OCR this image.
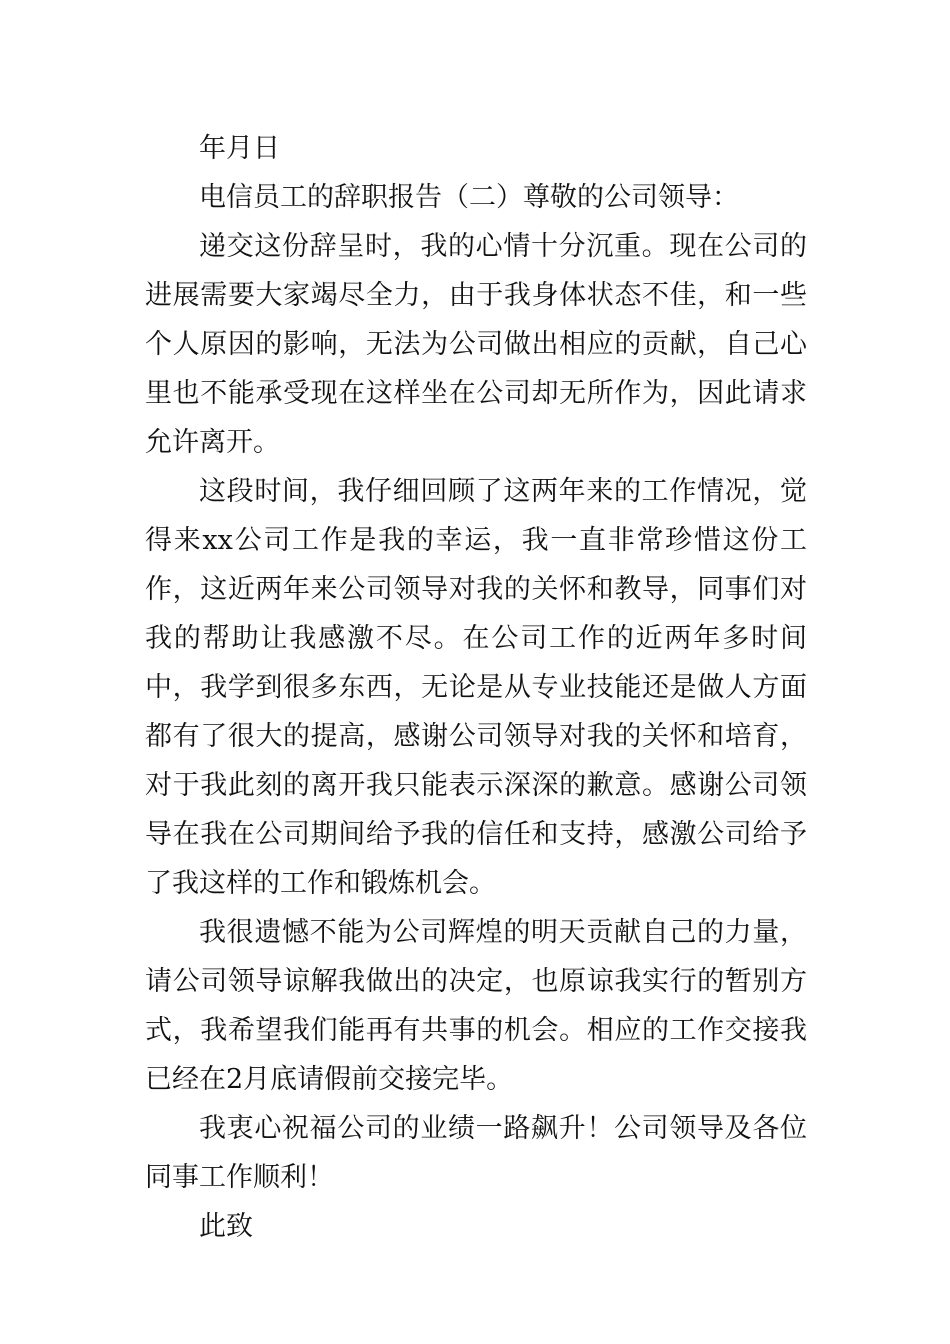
年月日

电信员工的辞职报告（二）尊敬的公司领导：

递交这份辞呈时，我的心情十分沉重。现在公司的进展需要大家竭尽全力，由于我身体状态不佳，和一些个人原因的影响，无法为公司做出相应的贡献，自己心里也不能承受现在这样坐在公司却无所作为，因此请求允许离开。

这段时间，我仔细回顾了这两年来的工作情况，觉得来xx公司工作是我的幸运，我一直非常珍惜这份工作，这近两年来公司领导对我的关怀和教导，同事们对我的帮助让我感激不尽。在公司工作的近两年多时间中，我学到很多东西，无论是从专业技能还是做人方面都有了很大的提高，感谢公司领导对我的关怀和培育，对于我此刻的离开我只能表示深深的歉意。感谢公司领导在我在公司期间给予我的信任和支持，感激公司给予了我这样的工作和锻炼机会。

我很遗憾不能为公司辉煌的明天贡献自己的力量，请公司领导谅解我做出的决定，也原谅我实行的暂别方式，我希望我们能再有共事的机会。相应的工作交接我已经在2月底请假前交接完毕。

我衷心祝福公司的业绩一路飙升！公司领导及各位同事工作顺利！

此致
